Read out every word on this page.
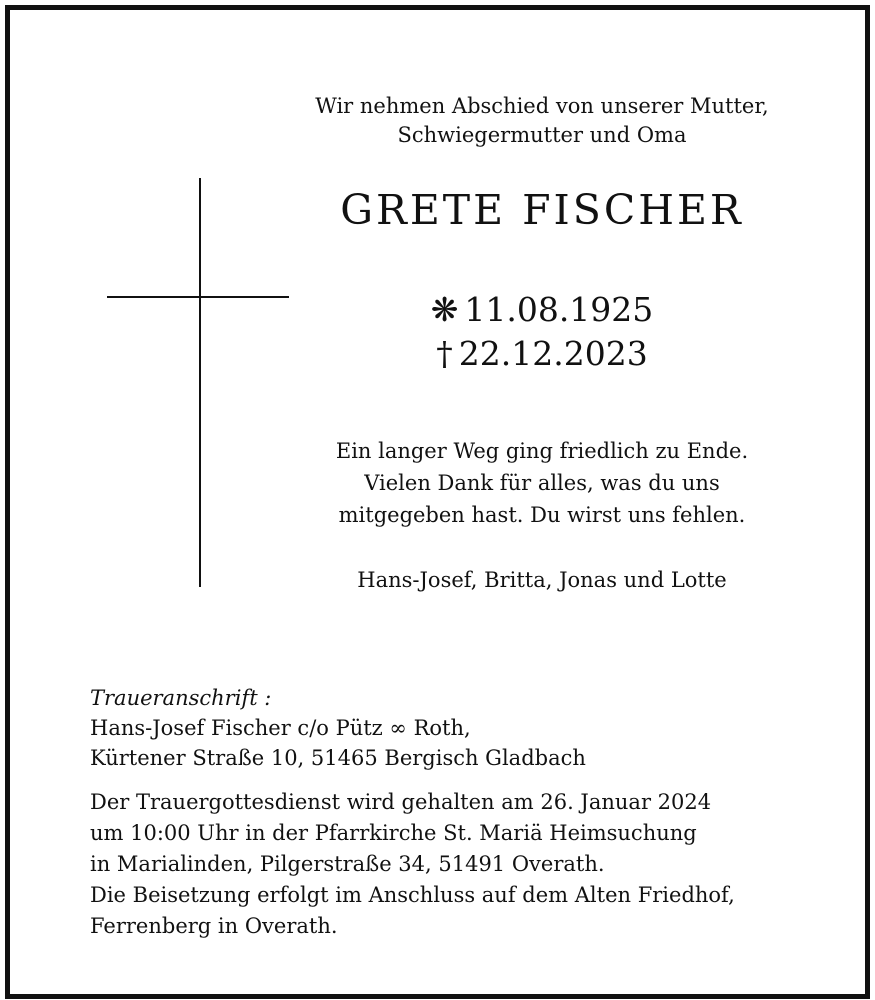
Wir nehmen Abschied von unserer Mutter,
Schwiegermutter und Oma
GRETE FISCHER
❋ 11.08.1925
† 22.12.2023
Ein langer Weg ging friedlich zu Ende.
Vielen Dank für alles, was du uns
mitgegeben hast. Du wirst uns fehlen.
Hans-Josef, Britta, Jonas und Lotte
Traueranschrift :
Hans-Josef Fischer c/o Pütz ∞ Roth,
Kürtener Straße 10, 51465 Bergisch Gladbach
Der Trauergottesdienst wird gehalten am 26. Januar 2024
um 10:00 Uhr in der Pfarrkirche St. Mariä Heimsuchung
in Marialinden, Pilgerstraße 34, 51491 Overath.
Die Beisetzung erfolgt im Anschluss auf dem Alten Friedhof,
Ferrenberg in Overath.
